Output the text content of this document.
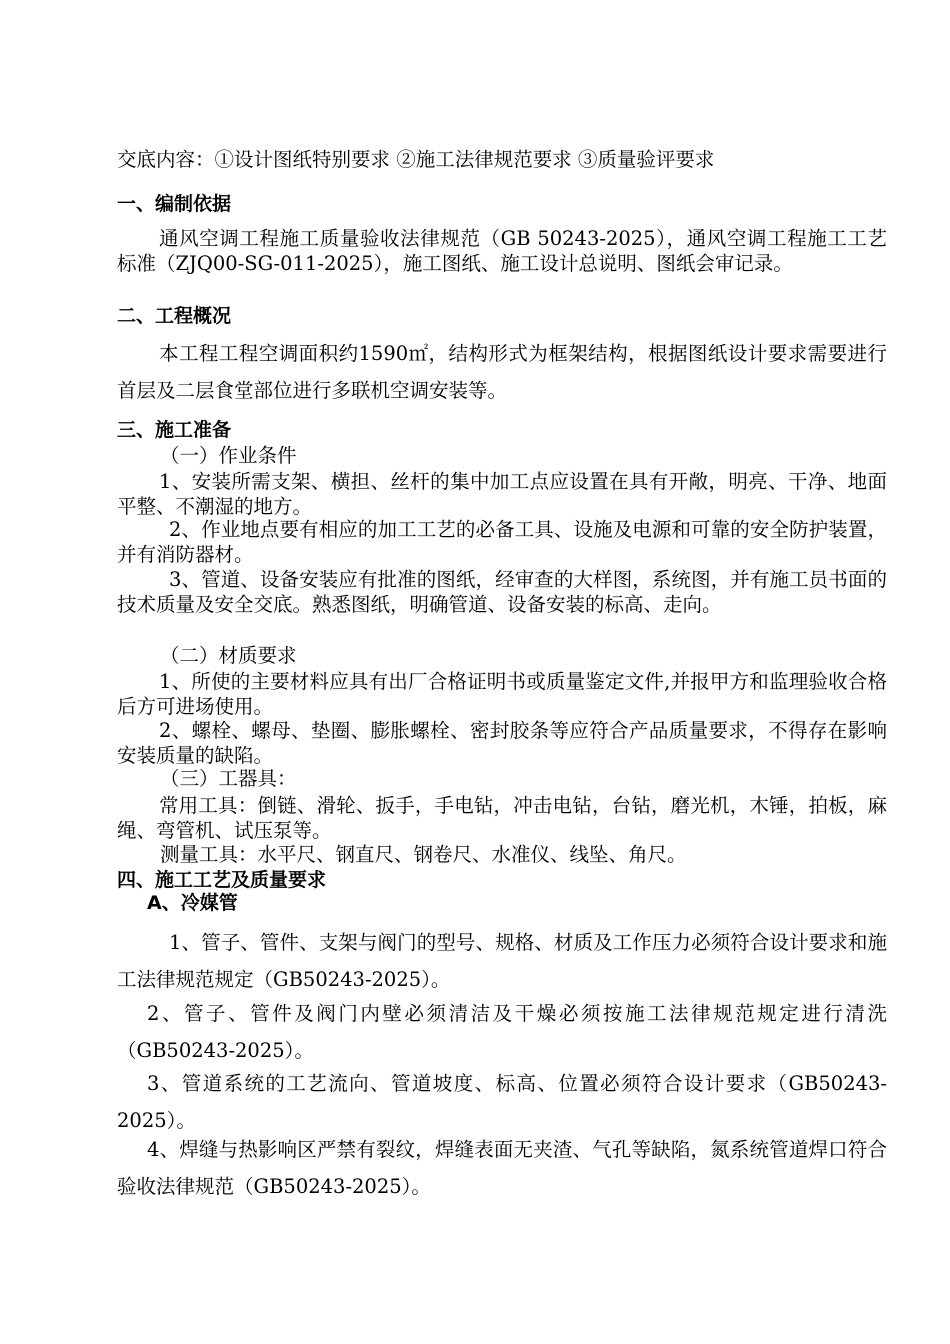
交底内容：①设计图纸特别要求 ②施工法律规范要求 ③质量验评要求
一、编制依据
通风空调工程施工质量验收法律规范（GB 50243-2025），通风空调工程施工工艺标准（ZJQ00-SG-011-2025），施工图纸、施工设计总说明、图纸会审记录。
二、工程概况
本工程工程空调面积约1590㎡，结构形式为框架结构，根据图纸设计要求需要进行首层及二层食堂部位进行多联机空调安装等。
三、施工准备
（一）作业条件
1、安装所需支架、横担、丝杆的集中加工点应设置在具有开敞，明亮、干净、地面平整、不潮湿的地方。
2、作业地点要有相应的加工工艺的必备工具、设施及电源和可靠的安全防护装置，并有消防器材。
3、管道、设备安装应有批准的图纸，经审查的大样图，系统图，并有施工员书面的技术质量及安全交底。熟悉图纸，明确管道、设备安装的标高、走向。
（二）材质要求
1、所使的主要材料应具有出厂合格证明书或质量鉴定文件,并报甲方和监理验收合格后方可进场使用。
2、螺栓、螺母、垫圈、膨胀螺栓、密封胶条等应符合产品质量要求，不得存在影响安装质量的缺陷。
（三）工器具：
常用工具：倒链、滑轮、扳手，手电钻，冲击电钻，台钻，磨光机，木锤，拍板，麻绳、弯管机、试压泵等。
测量工具：水平尺、钢直尺、钢卷尺、水准仪、线坠、角尺。
四、施工工艺及质量要求
A、冷媒管
1、管子、管件、支架与阀门的型号、规格、材质及工作压力必须符合设计要求和施工法律规范规定（GB50243-2025）。
2、管子、管件及阀门内壁必须清洁及干燥必须按施工法律规范规定进行清洗（GB50243-2025）。
3、管道系统的工艺流向、管道坡度、标高、位置必须符合设计要求（GB50243-2025）。
4、焊缝与热影响区严禁有裂纹，焊缝表面无夹渣、气孔等缺陷，氮系统管道焊口符合验收法律规范（GB50243-2025）。
